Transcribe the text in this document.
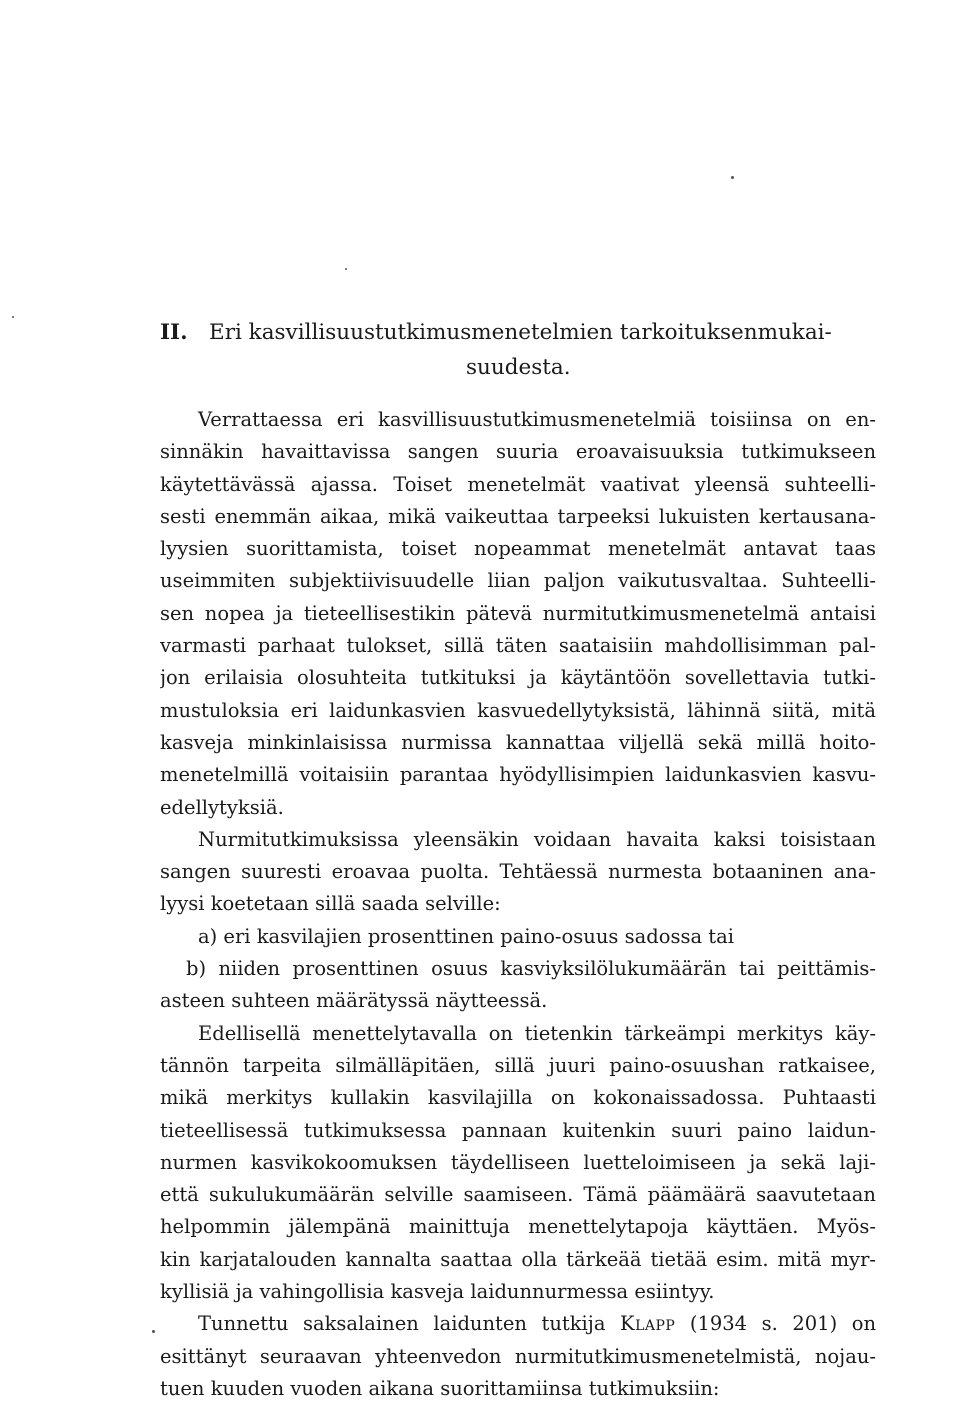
II. Eri kasvillisuustutkimusmenetelmien tarkoituksenmukai-
suudesta.
Verrattaessa eri kasvillisuustutkimusmenetelmiä toisiinsa on en-
sinnäkin havaittavissa sangen suuria eroavaisuuksia tutkimukseen
käytettävässä ajassa. Toiset menetelmät vaativat yleensä suhteelli-
sesti enemmän aikaa, mikä vaikeuttaa tarpeeksi lukuisten kertausana-
lyysien suorittamista, toiset nopeammat menetelmät antavat taas
useimmiten subjektiivisuudelle liian paljon vaikutusvaltaa. Suhteelli-
sen nopea ja tieteellisestikin pätevä nurmitutkimusmenetelmä antaisi
varmasti parhaat tulokset, sillä täten saataisiin mahdollisimman pal-
jon erilaisia olosuhteita tutkituksi ja käytäntöön sovellettavia tutki-
mustuloksia eri laidunkasvien kasvuedellytyksistä, lähinnä siitä, mitä
kasveja minkinlaisissa nurmissa kannattaa viljellä sekä millä hoito-
menetelmillä voitaisiin parantaa hyödyllisimpien laidunkasvien kasvu-
edellytyksiä.
Nurmitutkimuksissa yleensäkin voidaan havaita kaksi toisistaan
sangen suuresti eroavaa puolta. Tehtäessä nurmesta botaaninen ana-
lyysi koetetaan sillä saada selville:
a) eri kasvilajien prosenttinen paino-osuus sadossa tai
b) niiden prosenttinen osuus kasviyksilölukumäärän tai peittämis-
asteen suhteen määrätyssä näytteessä.
Edellisellä menettelytavalla on tietenkin tärkeämpi merkitys käy-
tännön tarpeita silmälläpitäen, sillä juuri paino-osuushan ratkaisee,
mikä merkitys kullakin kasvilajilla on kokonaissadossa. Puhtaasti
tieteellisessä tutkimuksessa pannaan kuitenkin suuri paino laidun-
nurmen kasvikokoomuksen täydelliseen luetteloimiseen ja sekä laji-
että sukulukumäärän selville saamiseen. Tämä päämäärä saavutetaan
helpommin jälempänä mainittuja menettelytapoja käyttäen. Myös-
kin karjatalouden kannalta saattaa olla tärkeää tietää esim. mitä myr-
kyllisiä ja vahingollisia kasveja laidunnurmessa esiintyy.
Tunnettu saksalainen laidunten tutkija Klapp (1934 s. 201) on
esittänyt seuraavan yhteenvedon nurmitutkimusmenetelmistä, nojau-
tuen kuuden vuoden aikana suorittamiinsa tutkimuksiin:
